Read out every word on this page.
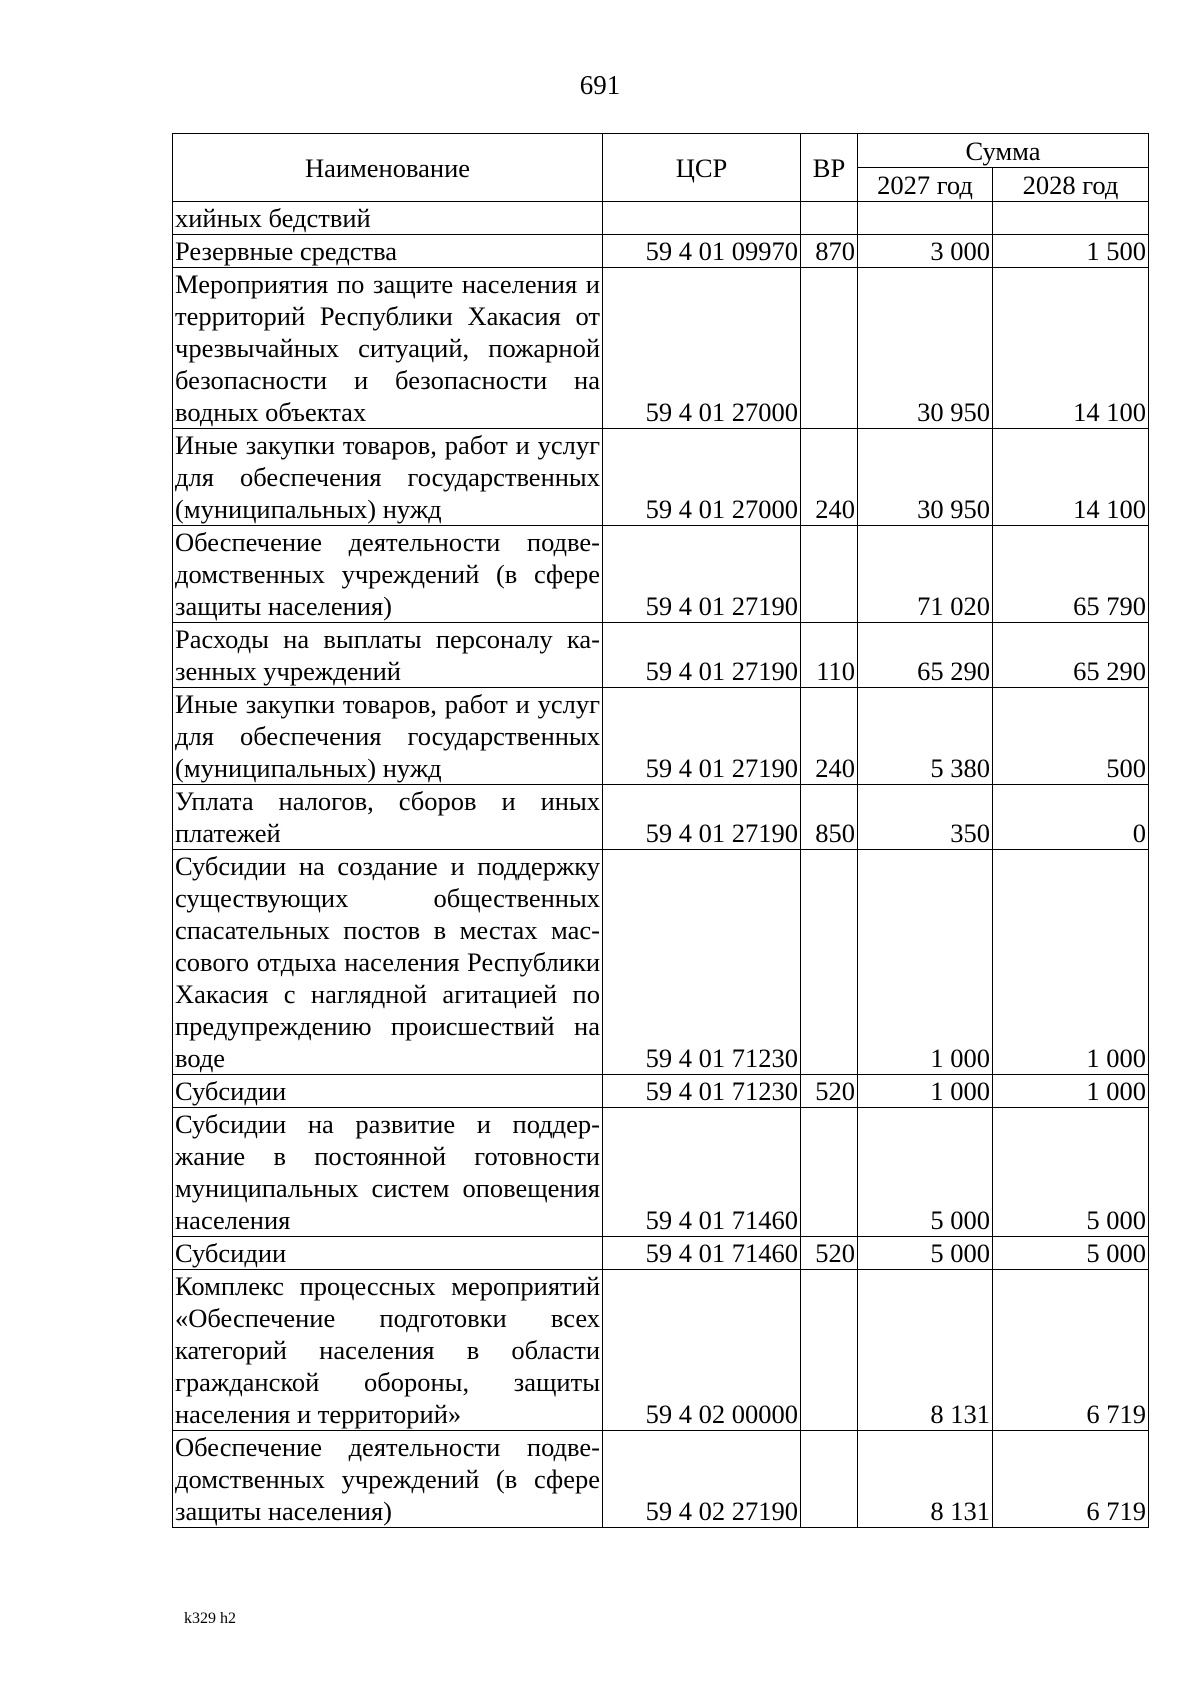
691
Наименование	ЦСР	ВР	Сумма	
			2027 год	2028 год
хийных бедствий				
Резервные средства	59 4 01 09970	870	3 000	1 500
Мероприятия по защите населения и территорий Республики Хакасия от чрезвычайных ситуаций, пожарной безопасности и безопасности на водных объектах	59 4 01 27000		30 950	14 100
Иные закупки товаров, работ и услуг для обеспечения государственных (муниципальных) нужд	59 4 01 27000	240	30 950	14 100
Обеспечение деятельности подведомственных учреждений (в сфере защиты населения)	59 4 01 27190		71 020	65 790
Расходы на выплаты персоналу казенных учреждений	59 4 01 27190	110	65 290	65 290
Иные закупки товаров, работ и услуг для обеспечения государственных (муниципальных) нужд	59 4 01 27190	240	5 380	500
Уплата налогов, сборов и иных платежей	59 4 01 27190	850	350	0
Субсидии на создание и поддержку существующих общественных спасательных постов в местах массового отдыха населения Республики Хакасия с наглядной агитацией по предупреждению происшествий на воде	59 4 01 71230		1 000	1 000
Субсидии	59 4 01 71230	520	1 000	1 000
Субсидии на развитие и поддержание в постоянной готовности муниципальных систем оповещения населения	59 4 01 71460		5 000	5 000
Субсидии	59 4 01 71460	520	5 000	5 000
Комплекс процессных мероприятий «Обеспечение подготовки всех категорий населения в области гражданской обороны, защиты населения и территорий»	59 4 02 00000		8 131	6 719
Обеспечение деятельности подведомственных учреждений (в сфере защиты населения)	59 4 02 27190		8 131	6 719
k329 h2
